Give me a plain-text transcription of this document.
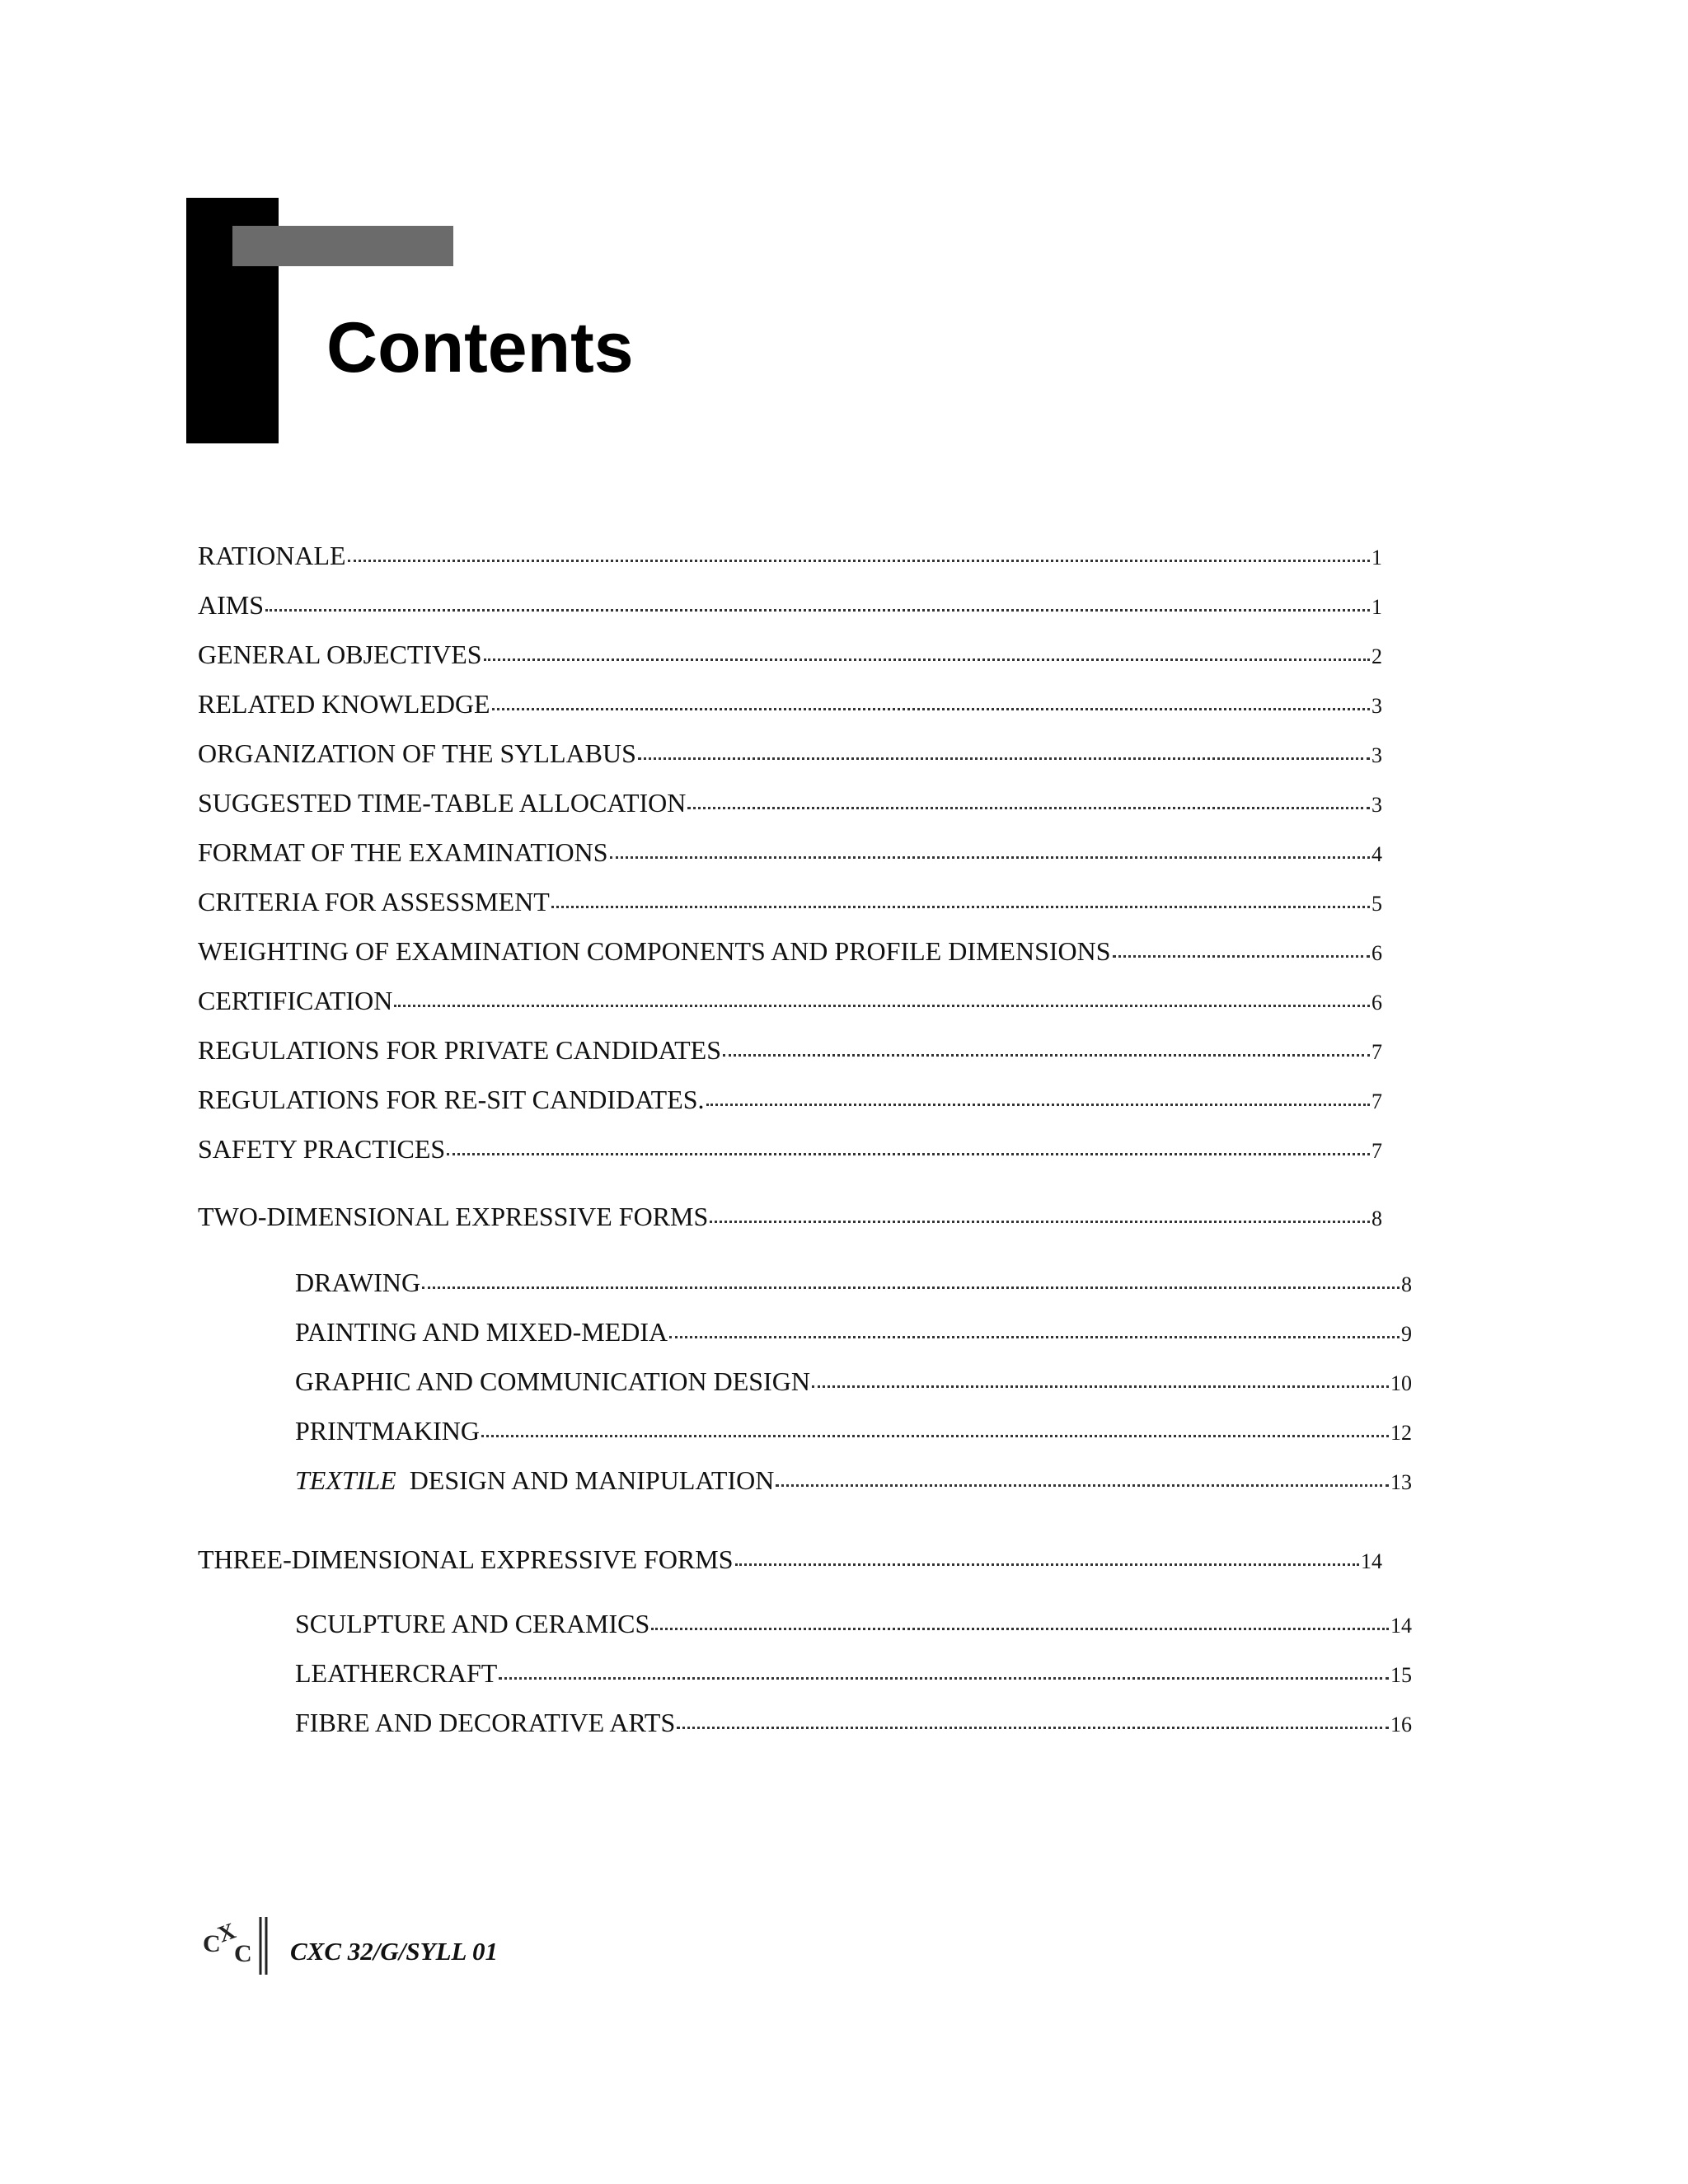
Contents
RATIONALE	1
AIMS	1
GENERAL OBJECTIVES	2
RELATED KNOWLEDGE	3
ORGANIZATION OF THE SYLLABUS	3
SUGGESTED TIME-TABLE ALLOCATION	3
FORMAT OF THE EXAMINATIONS	4
CRITERIA FOR ASSESSMENT	5
WEIGHTING OF EXAMINATION COMPONENTS AND PROFILE DIMENSIONS	6
CERTIFICATION	6
REGULATIONS FOR PRIVATE CANDIDATES	7
REGULATIONS FOR RE-SIT CANDIDATES.	7
SAFETY PRACTICES	7
TWO-DIMENSIONAL EXPRESSIVE FORMS	8
DRAWING	8
PAINTING AND MIXED-MEDIA	9
GRAPHIC AND COMMUNICATION DESIGN	10
PRINTMAKING	12
TEXTILE DESIGN AND MANIPULATION	13
THREE-DIMENSIONAL EXPRESSIVE FORMS	14
SCULPTURE AND CERAMICS	14
LEATHERCRAFT	15
FIBRE AND DECORATIVE ARTS	16
C
X
C CXC 32/G/SYLL 01
